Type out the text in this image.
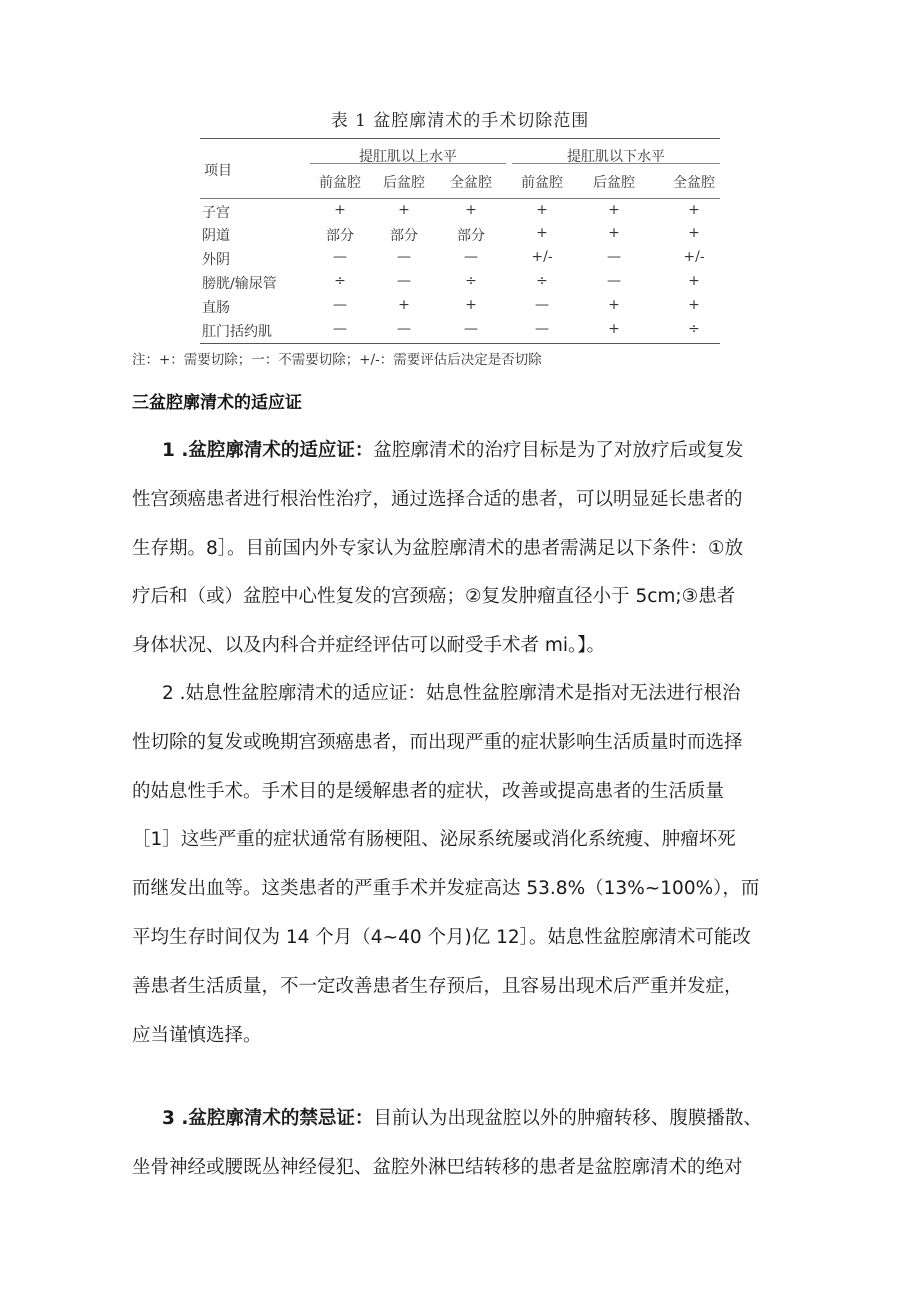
表 1 盆腔廓清术的手术切除范围
项目
提肛肌以上水平	提肛肌以下水平
前盆腔	后盆腔	全盆腔	前盆腔	后盆腔	全盆腔
子宫	+	+	+	+	+	+
阴道	部分	部分	部分	+	+	+
外阴	—	—	—	+/-	—	+/-
膀胱/输尿管	÷	—	÷	÷	—	+
直肠	—	+	+	—	+	+
肛门括约肌	—	—	—	—	+	÷
注：+：需要切除；一：不需要切除；+/-：需要评估后决定是否切除
三盆腔廓清术的适应证
1 .盆腔廓清术的适应证：盆腔廓清术的治疗目标是为了对放疗后或复发
性宫颈癌患者进行根治性治疗，通过选择合适的患者，可以明显延长患者的
生存期。8］。目前国内外专家认为盆腔廓清术的患者需满足以下条件：①放
疗后和（或）盆腔中心性复发的宫颈癌；②复发肿瘤直径小于 5cm;③患者
身体状况、以及内科合并症经评估可以耐受手术者 mi。】。
2 .姑息性盆腔廓清术的适应证：姑息性盆腔廓清术是指对无法进行根治
性切除的复发或晚期宫颈癌患者，而出现严重的症状影响生活质量时而选择
的姑息性手术。手术目的是缓解患者的症状，改善或提高患者的生活质量
［1］这些严重的症状通常有肠梗阻、泌尿系统屡或消化系统瘦、肿瘤坏死
而继发出血等。这类患者的严重手术并发症高达 53.8%（13%~100%），而
平均生存时间仅为 14 个月（4~40 个月)亿 12］。姑息性盆腔廓清术可能改
善患者生活质量，不一定改善患者生存预后，且容易出现术后严重并发症，
应当谨慎选择。
3 .盆腔廓清术的禁忌证：目前认为出现盆腔以外的肿瘤转移、腹膜播散、
坐骨神经或腰既丛神经侵犯、盆腔外淋巴结转移的患者是盆腔廓清术的绝对
